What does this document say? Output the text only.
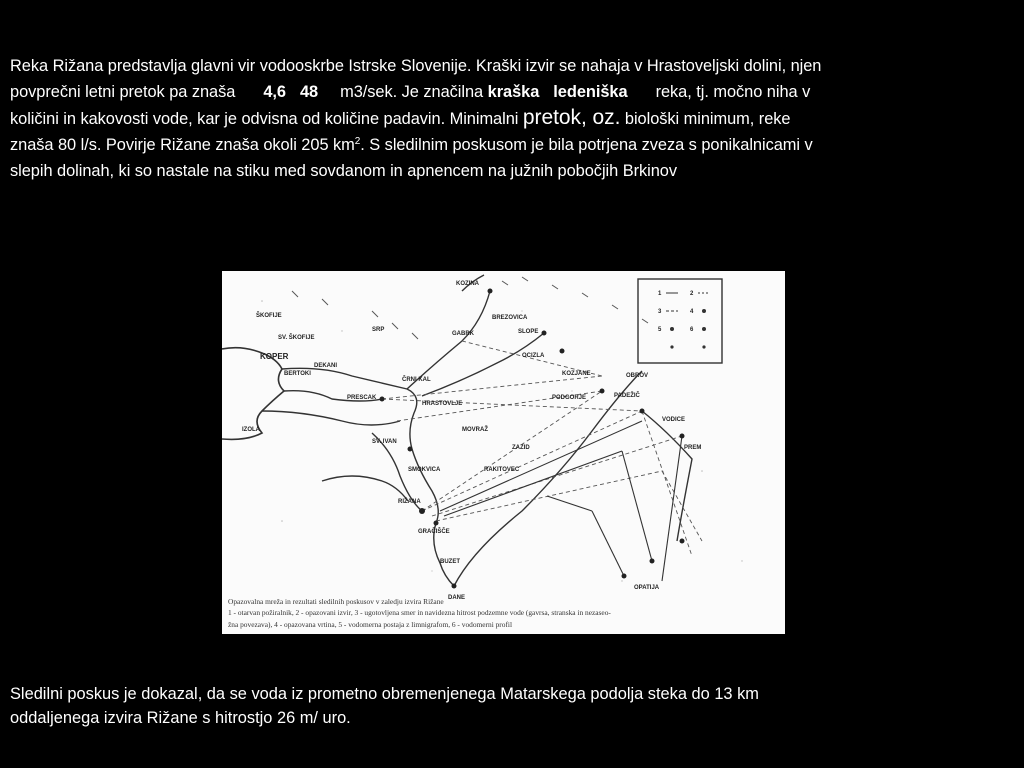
Reka Rižana predstavlja glavni vir vodooskrbe Istrske Slovenije. Kraški izvir se nahaja v Hrastoveljski dolini, njen
povprečni letni pretok pa znaša 4,6 48 m3/sek. Je značilna kraška ledeniška reka, tj. močno niha v
količini in kakovosti vode, kar je odvisna od količine padavin. Minimalni pretok, oz. biološki minimum, reke
znaša 80 l/s. Povirje Rižane znaša okoli 205 $km^2$. S sledilnim poskusom je bila potrjena zveza s ponikalnicami v
slepih dolinah, ki so nastale na stiku med sovdanom in apnencem na južnih pobočjih Brkinov
KOPER
ŠKOFIJE
SV. ŠKOFIJE
DEKANI
BERTOKI
PRESCAK
IZOLA
HRASTOVLJE
SMOKVICA
KOZINA
BREZOVICA
SLOPE
OCIZLA
GABRK
KOZJANE
PADEŽIČ
VODICE
PREM
OBROV
ČRNI KAL
RIŽANA
GRAČIŠČE
DANE
OPATIJA
BUZET
SV. IVAN
MOVRAŽ
PODGORJE
RAKITOVEC
SRP
ZAZID
1	2
3	4
5	6
Opazovalna mreža in rezultati sledilnih poskusov v zaledju izvira Rižane
1 - otarvan požiralnik, 2 - opazovani izvir, 3 - ugotovljena smer in navidezna hitrost podzemne vode (gavrsa, stranska in nezaseo-
žna povezava), 4 - opazovana vrtina, 5 - vodomerna postaja z limnigrafom, 6 - vodomerni profil
Sledilni poskus je dokazal, da se voda iz prometno obremenjenega Matarskega podolja steka do 13 km
oddaljenega izvira Rižane s hitrostjo 26 m/ uro.
